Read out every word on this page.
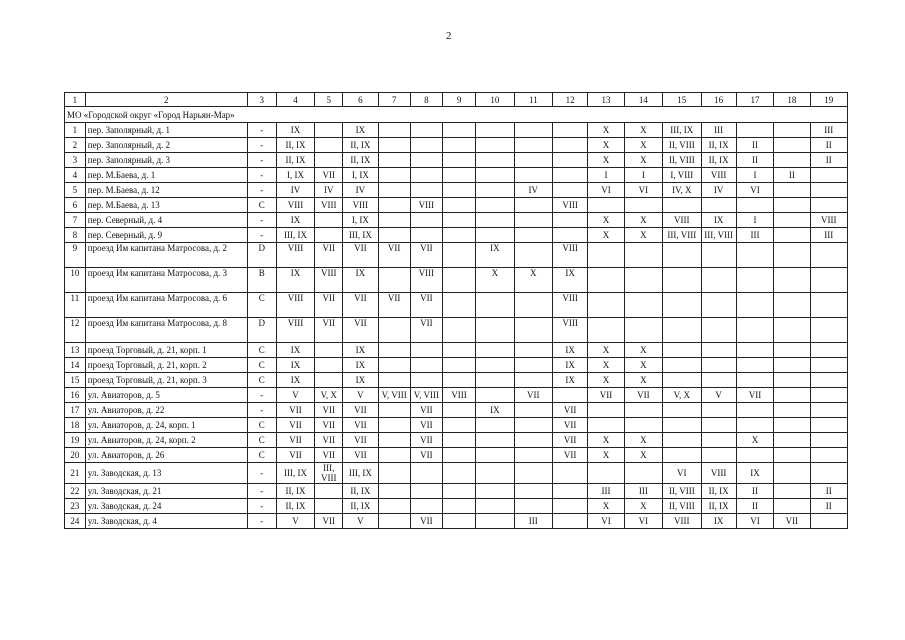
2
1	2	3	4	5	6	7	8	9	10	11	12	13	14	15	16	17	18	19
МО «Городской округ «Город Нарьян-Мар»																		
1	пер. Заполярный, д. 1	-	IX		IX							X	X	III, IX	III			III
2	пер. Заполярный, д. 2	-	II, IX		II, IX							X	X	II, VIII	II, IX	II		II
3	пер. Заполярный, д. 3	-	II, IX		II, IX							X	X	II, VIII	II, IX	II		II
4	пер. М.Баева, д. 1	-	I, IX	VII	I, IX							I	I	I, VIII	VIII	I	II	
5	пер. М.Баева, д. 12	-	IV	IV	IV					IV		VI	VI	IV, X	IV	VI		
6	пер. М.Баева, д. 13	C	VIII	VIII	VIII		VIII				VIII							
7	пер. Северный, д. 4	-	IX		I, IX							X	X	VIII	IX	I		VIII
8	пер. Северный, д. 9	-	III, IX		III, IX							X	X	III, VIII	III, VIII	III		III
9	проезд Им капитана Матросова, д. 2	D	VIII	VII	VII	VII	VII		IX		VIII							
10	проезд Им капитана Матросова, д. 3	B	IX	VIII	IX		VIII		X	X	IX							
11	проезд Им капитана Матросова, д. 6	C	VIII	VII	VII	VII	VII				VIII							
12	проезд Им капитана Матросова, д. 8	D	VIII	VII	VII		VII				VIII							
13	проезд Торговый, д. 21, корп. 1	C	IX		IX						IX	X	X					
14	проезд Торговый, д. 21, корп. 2	C	IX		IX						IX	X	X					
15	проезд Торговый, д. 21, корп. 3	C	IX		IX						IX	X	X					
16	ул. Авиаторов, д. 5	-	V	V, X	V	V, VIII	V, VIII	VIII		VII		VII	VII	V, X	V	VII		
17	ул. Авиаторов, д. 22	-	VII	VII	VII		VII		IX		VII							
18	ул. Авиаторов, д. 24, корп. 1	C	VII	VII	VII		VII				VII							
19	ул. Авиаторов, д. 24, корп. 2	C	VII	VII	VII		VII				VII	X	X			X		
20	ул. Авиаторов, д. 26	C	VII	VII	VII		VII				VII	X	X					
21	ул. Заводская, д. 13	-	III, IX	III, VIII	III, IX									VI	VIII	IX		
22	ул. Заводская, д. 21	-	II, IX		II, IX							III	III	II, VIII	II, IX	II		II
23	ул. Заводская, д. 24	-	II, IX		II, IX							X	X	II, VIII	II, IX	II		II
24	ул. Заводская, д. 4	-	V	VII	V		VII			III		VI	VI	VIII	IX	VI	VII	
